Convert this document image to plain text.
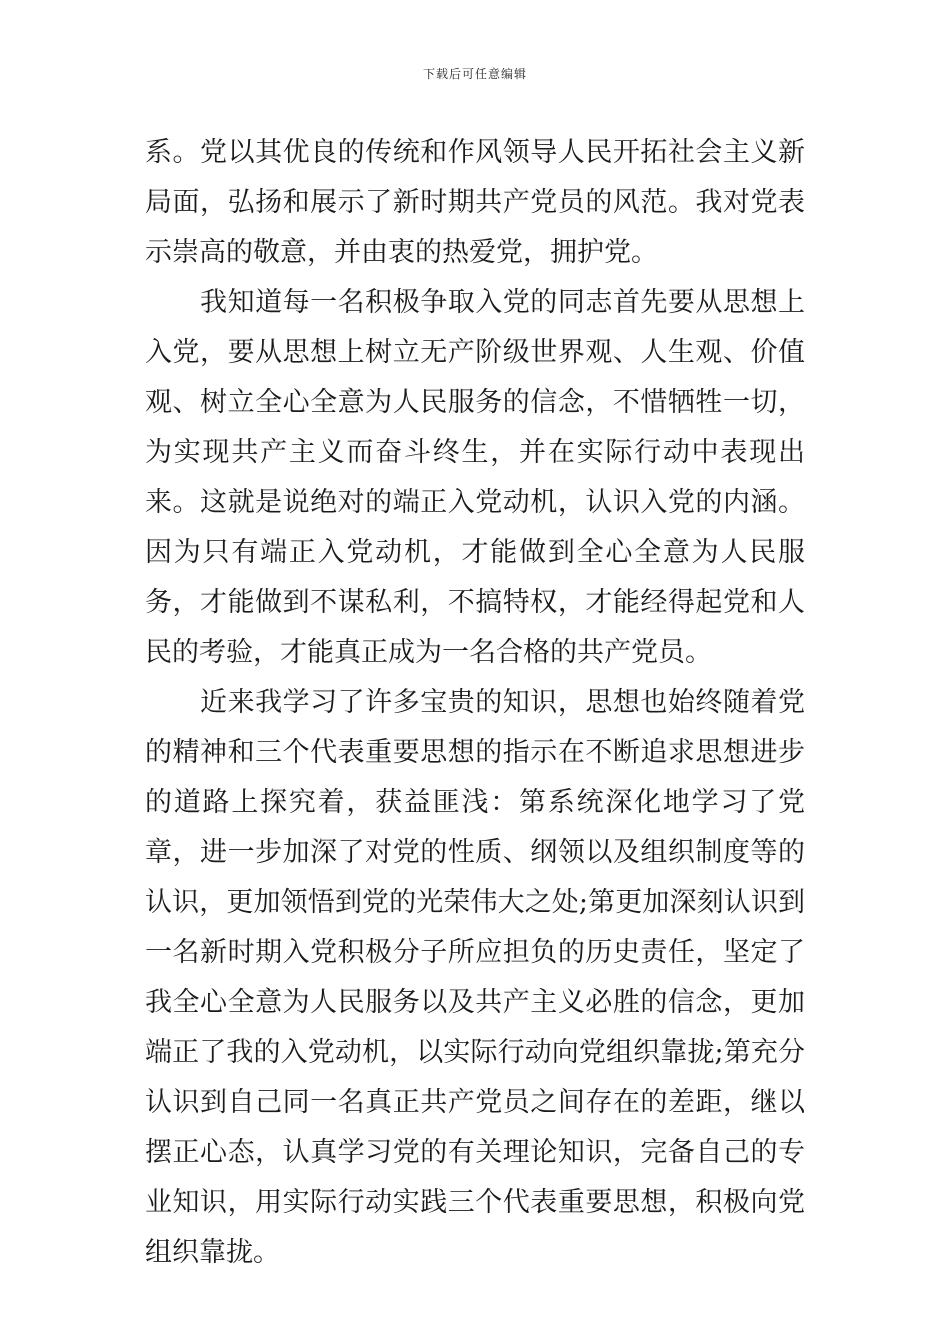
下载后可任意编辑

系。党以其优良的传统和作风领导人民开拓社会主义新局面，弘扬和展示了新时期共产党员的风范。我对党表示崇高的敬意，并由衷的热爱党，拥护党。

　　我知道每一名积极争取入党的同志首先要从思想上入党，要从思想上树立无产阶级世界观、人生观、价值观、树立全心全意为人民服务的信念，不惜牺牲一切，为实现共产主义而奋斗终生，并在实际行动中表现出来。这就是说绝对的端正入党动机，认识入党的内涵。因为只有端正入党动机，才能做到全心全意为人民服务，才能做到不谋私利，不搞特权，才能经得起党和人民的考验，才能真正成为一名合格的共产党员。

　　近来我学习了许多宝贵的知识，思想也始终随着党的精神和三个代表重要思想的指示在不断追求思想进步的道路上探究着，获益匪浅：第系统深化地学习了党章，进一步加深了对党的性质、纲领以及组织制度等的认识，更加领悟到党的光荣伟大之处;第更加深刻认识到一名新时期入党积极分子所应担负的历史责任，坚定了我全心全意为人民服务以及共产主义必胜的信念，更加端正了我的入党动机，以实际行动向党组织靠拢;第充分认识到自己同一名真正共产党员之间存在的差距，继以摆正心态，认真学习党的有关理论知识，完备自己的专业知识，用实际行动实践三个代表重要思想，积极向党组织靠拢。
